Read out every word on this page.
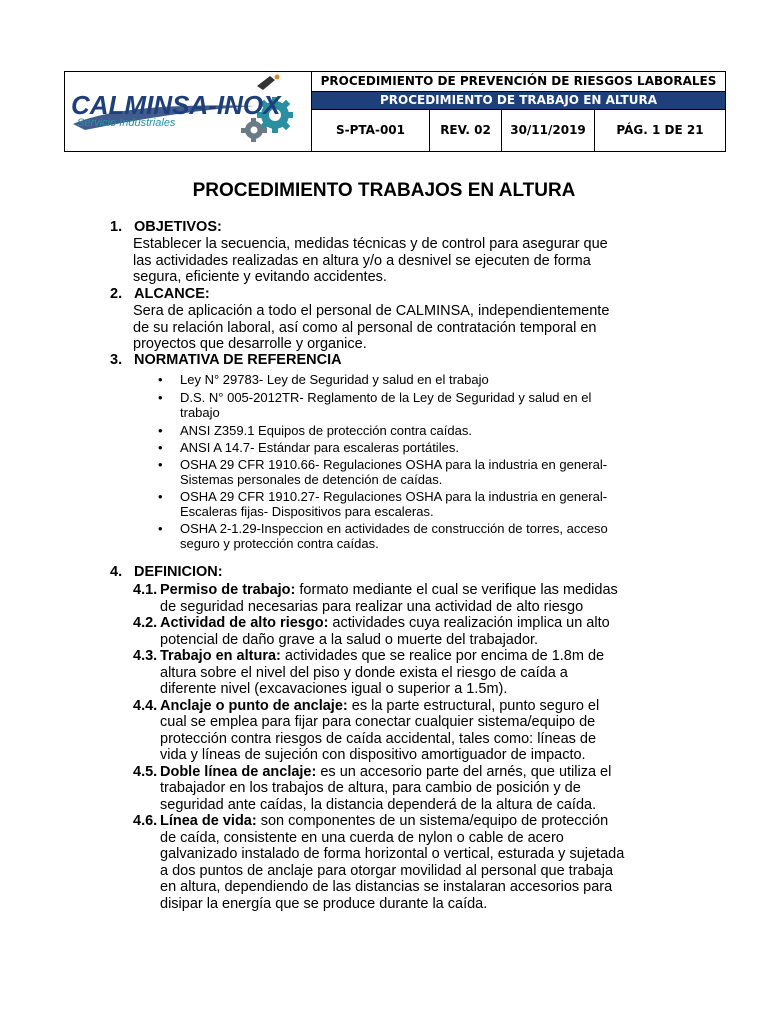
CALMINSA-INOX
Servicio Industriales
PROCEDIMIENTO DE PREVENCIÓN DE RIESGOS LABORALES
PROCEDIMIENTO DE TRABAJO EN ALTURA
S-PTA-001	REV. 02	30/11/2019	PÁG. 1 DE 21
PROCEDIMIENTO TRABAJOS EN ALTURA
1. OBJETIVOS:
Establecer la secuencia, medidas técnicas y de control para asegurar que
las actividades realizadas en altura y/o a desnivel se ejecuten de forma
segura, eficiente y evitando accidentes.
2. ALCANCE:
Sera de aplicación a todo el personal de CALMINSA, independientemente
de su relación laboral, así como al personal de contratación temporal en
proyectos que desarrolle y organice.
3. NORMATIVA DE REFERENCIA
• Ley N° 29783- Ley de Seguridad y salud en el trabajo
• D.S. N° 005-2012TR- Reglamento de la Ley de Seguridad y salud en el
trabajo
• ANSI Z359.1 Equipos de protección contra caídas.
• ANSI A 14.7- Estándar para escaleras portátiles.
• OSHA 29 CFR 1910.66- Regulaciones OSHA para la industria en general-
Sistemas personales de detención de caídas.
• OSHA 29 CFR 1910.27- Regulaciones OSHA para la industria en general-
Escaleras fijas- Dispositivos para escaleras.
• OSHA 2-1.29-Inspeccion en actividades de construcción de torres, acceso
seguro y protección contra caídas.
4. DEFINICION:
4.1. Permiso de trabajo: formato mediante el cual se verifique las medidas
de seguridad necesarias para realizar una actividad de alto riesgo
4.2. Actividad de alto riesgo: actividades cuya realización implica un alto
potencial de daño grave a la salud o muerte del trabajador.
4.3. Trabajo en altura: actividades que se realice por encima de 1.8m de
altura sobre el nivel del piso y donde exista el riesgo de caída a
diferente nivel (excavaciones igual o superior a 1.5m).
4.4. Anclaje o punto de anclaje: es la parte estructural, punto seguro el
cual se emplea para fijar para conectar cualquier sistema/equipo de
protección contra riesgos de caída accidental, tales como: líneas de
vida y líneas de sujeción con dispositivo amortiguador de impacto.
4.5. Doble línea de anclaje: es un accesorio parte del arnés, que utiliza el
trabajador en los trabajos de altura, para cambio de posición y de
seguridad ante caídas, la distancia dependerá de la altura de caída.
4.6. Línea de vida: son componentes de un sistema/equipo de protección
de caída, consistente en una cuerda de nylon o cable de acero
galvanizado instalado de forma horizontal o vertical, esturada y sujetada
a dos puntos de anclaje para otorgar movilidad al personal que trabaja
en altura, dependiendo de las distancias se instalaran accesorios para
disipar la energía que se produce durante la caída.
